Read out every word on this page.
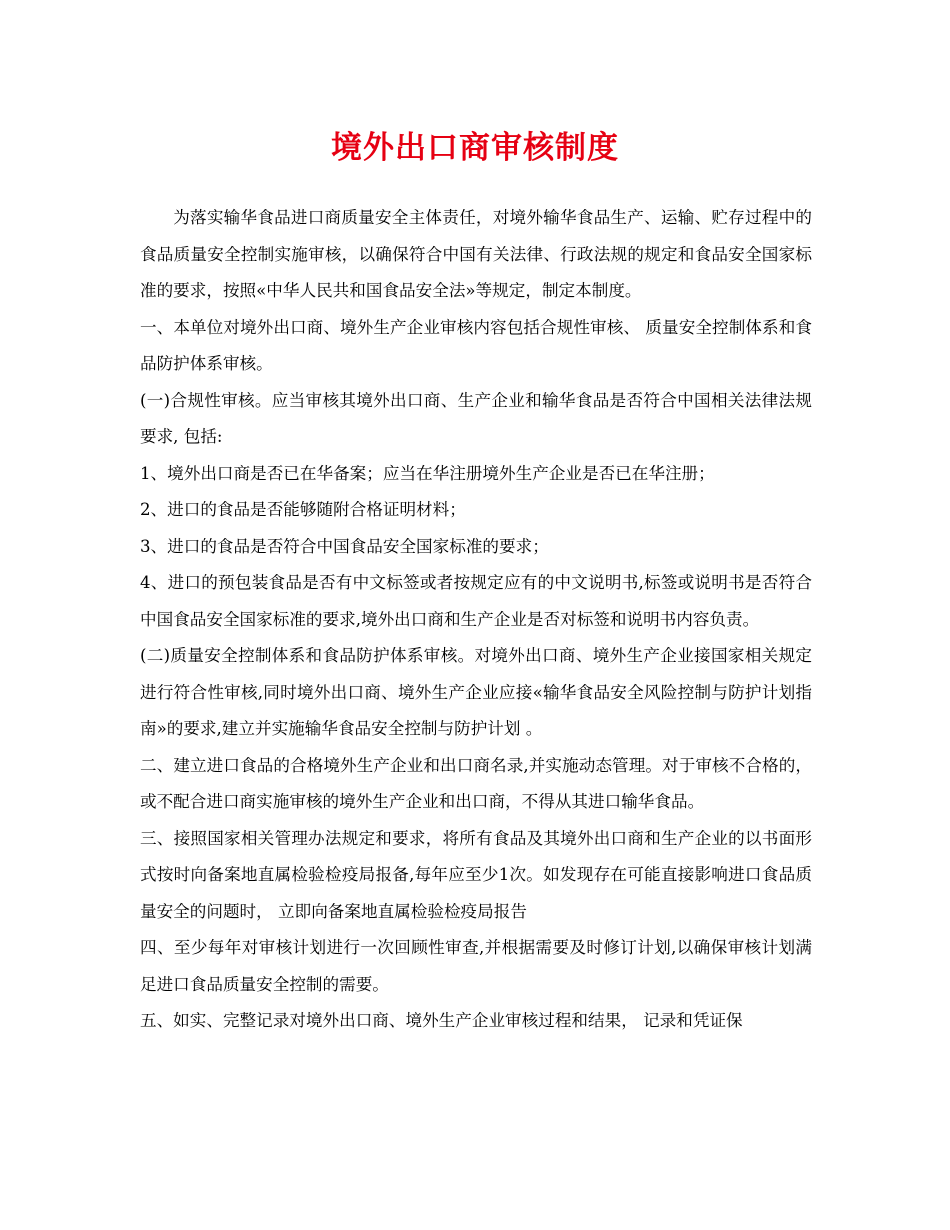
境外出口商审核制度

为落实输华食品进口商质量安全主体责任，对境外输华食品生产、运输、贮存过程中的食品质量安全控制实施审核，以确保符合中国有关法律、行政法规的规定和食品安全国家标准的要求，按照«中华人民共和国食品安全法»等规定，制定本制度。

一、本单位对境外出口商、境外生产企业审核内容包括合规性审核、 质量安全控制体系和食品防护体系审核。

(一)合规性审核。应当审核其境外出口商、生产企业和输华食品是否符合中国相关法律法规要求, 包括:

1、境外出口商是否已在华备案；应当在华注册境外生产企业是否已在华注册；

2、进口的食品是否能够随附合格证明材料；

3、进口的食品是否符合中国食品安全国家标准的要求；

4、进口的预包装食品是否有中文标签或者按规定应有的中文说明书,标签或说明书是否符合中国食品安全国家标准的要求,境外出口商和生产企业是否对标签和说明书内容负责。

(二)质量安全控制体系和食品防护体系审核。对境外出口商、境外生产企业接国家相关规定进行符合性审核,同时境外出口商、境外生产企业应接«输华食品安全风险控制与防护计划指南»的要求,建立并实施输华食品安全控制与防护计划 。

二、建立进口食品的合格境外生产企业和出口商名录,并实施动态管理。对于审核不合格的，或不配合进口商实施审核的境外生产企业和出口商，不得从其进口输华食品。

三、接照国家相关管理办法规定和要求，将所有食品及其境外出口商和生产企业的以书面形式按时向备案地直属检验检疫局报备,每年应至少1次。如发现存在可能直接影响进口食品质量安全的问题时， 立即向备案地直属检验检疫局报告

四、至少每年对审核计划进行一次回顾性审查,并根据需要及时修订计划,以确保审核计划满足进口食品质量安全控制的需要。

五、如实、完整记录对境外出口商、境外生产企业审核过程和结果， 记录和凭证保
